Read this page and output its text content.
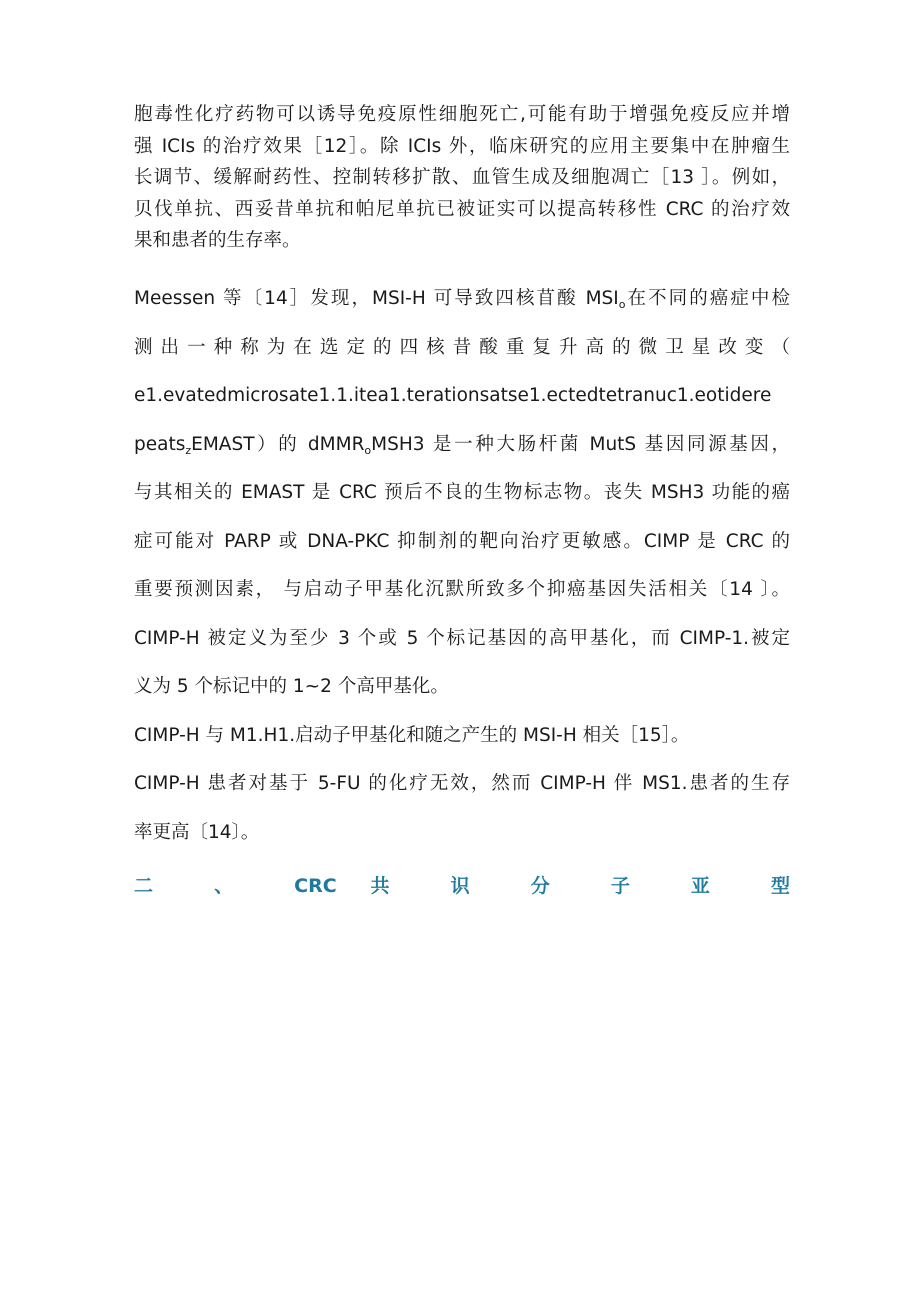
胞毒性化疗药物可以诱导免疫原性细胞死亡,可能有助于增强免疫反应并增
强 ICIs 的治疗效果［12］。除 ICIs 外，临床研究的应用主要集中在肿瘤生
长调节、缓解耐药性、控制转移扩散、血管生成及细胞凋亡［13 ］。例如，
贝伐单抗、西妥昔单抗和帕尼单抗已被证实可以提高转移性 CRC 的治疗效
果和患者的生存率。

Meessen 等〔14］发现，MSI-H 可导致四核苜酸 $MSI_o$在不同的癌症中检
测 出 一 种 称 为 在 选 定 的 四 核 昔 酸 重 复 升 高 的 微 卫 星 改 变 （
e1.evatedmicrosate1.1.itea1.terationsatse1.ectedtetranuc1.eotidere
peats$_z$EMAST）的 dMMR$_o$MSH3 是一种大肠杆菌 MutS 基因同源基因，
与其相关的 EMAST 是 CRC 预后不良的生物标志物。丧失 MSH3 功能的癌
症可能对 PARP 或 DNA-PKC 抑制剂的靶向治疗更敏感。CIMP 是 CRC 的
重要预测因素， 与启动子甲基化沉默所致多个抑癌基因失活相关〔14 〕。
CIMP-H 被定义为至少 3 个或 5 个标记基因的高甲基化，而 CIMP-1.被定
义为 5 个标记中的 1~2 个高甲基化。
CIMP-H 与 M1.H1.启动子甲基化和随之产生的 MSI-H 相关［15］。
CIMP-H 患者对基于 5-FU 的化疗无效，然而 CIMP-H 伴 MS1.患者的生存
率更高〔14〕。

二 、 CRC 共 识 分 子 亚 型
